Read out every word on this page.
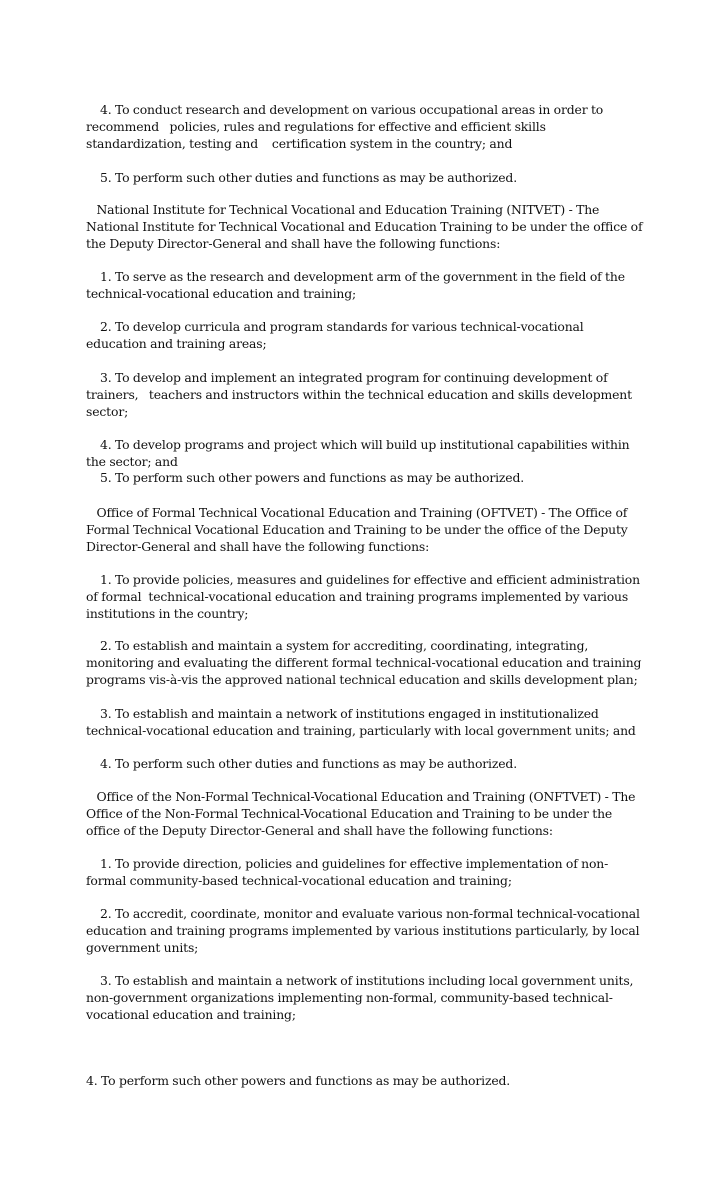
4. To conduct research and development on various occupational areas in order to recommend   policies, rules and regulations for effective and efficient skills standardization, testing and    certification system in the country; and

5. To perform such other duties and functions as may be authorized.

National Institute for Technical Vocational and Education Training (NITVET) - The National Institute for Technical Vocational and Education Training to be under the office of the Deputy Director-General and shall have the following functions:

1. To serve as the research and development arm of the government in the field of the technical-vocational education and training;

2. To develop curricula and program standards for various technical-vocational education and training areas;

3. To develop and implement an integrated program for continuing development of trainers,   teachers and instructors within the technical education and skills development sector;

4. To develop programs and project which will build up institutional capabilities within the sector; and

5. To perform such other powers and functions as may be authorized.

Office of Formal Technical Vocational Education and Training (OFTVET) - The Office of Formal Technical Vocational Education and Training to be under the office of the Deputy Director-General and shall have the following functions:

1. To provide policies, measures and guidelines for effective and efficient administration of formal  technical-vocational education and training programs implemented by various institutions in the country;

2. To establish and maintain a system for accrediting, coordinating, integrating, monitoring and evaluating the different formal technical-vocational education and training programs vis-à-vis the approved national technical education and skills development plan;

3. To establish and maintain a network of institutions engaged in institutionalized technical-vocational education and training, particularly with local government units; and

4. To perform such other duties and functions as may be authorized.

Office of the Non-Formal Technical-Vocational Education and Training (ONFTVET) - The Office of the Non-Formal Technical-Vocational Education and Training to be under the office of the Deputy Director-General and shall have the following functions:

1. To provide direction, policies and guidelines for effective implementation of non-formal community-based technical-vocational education and training;

2. To accredit, coordinate, monitor and evaluate various non-formal technical-vocational education and training programs implemented by various institutions particularly, by local government units;

3. To establish and maintain a network of institutions including local government units, non-government organizations implementing non-formal, community-based technical-vocational education and training;

4. To perform such other powers and functions as may be authorized.
